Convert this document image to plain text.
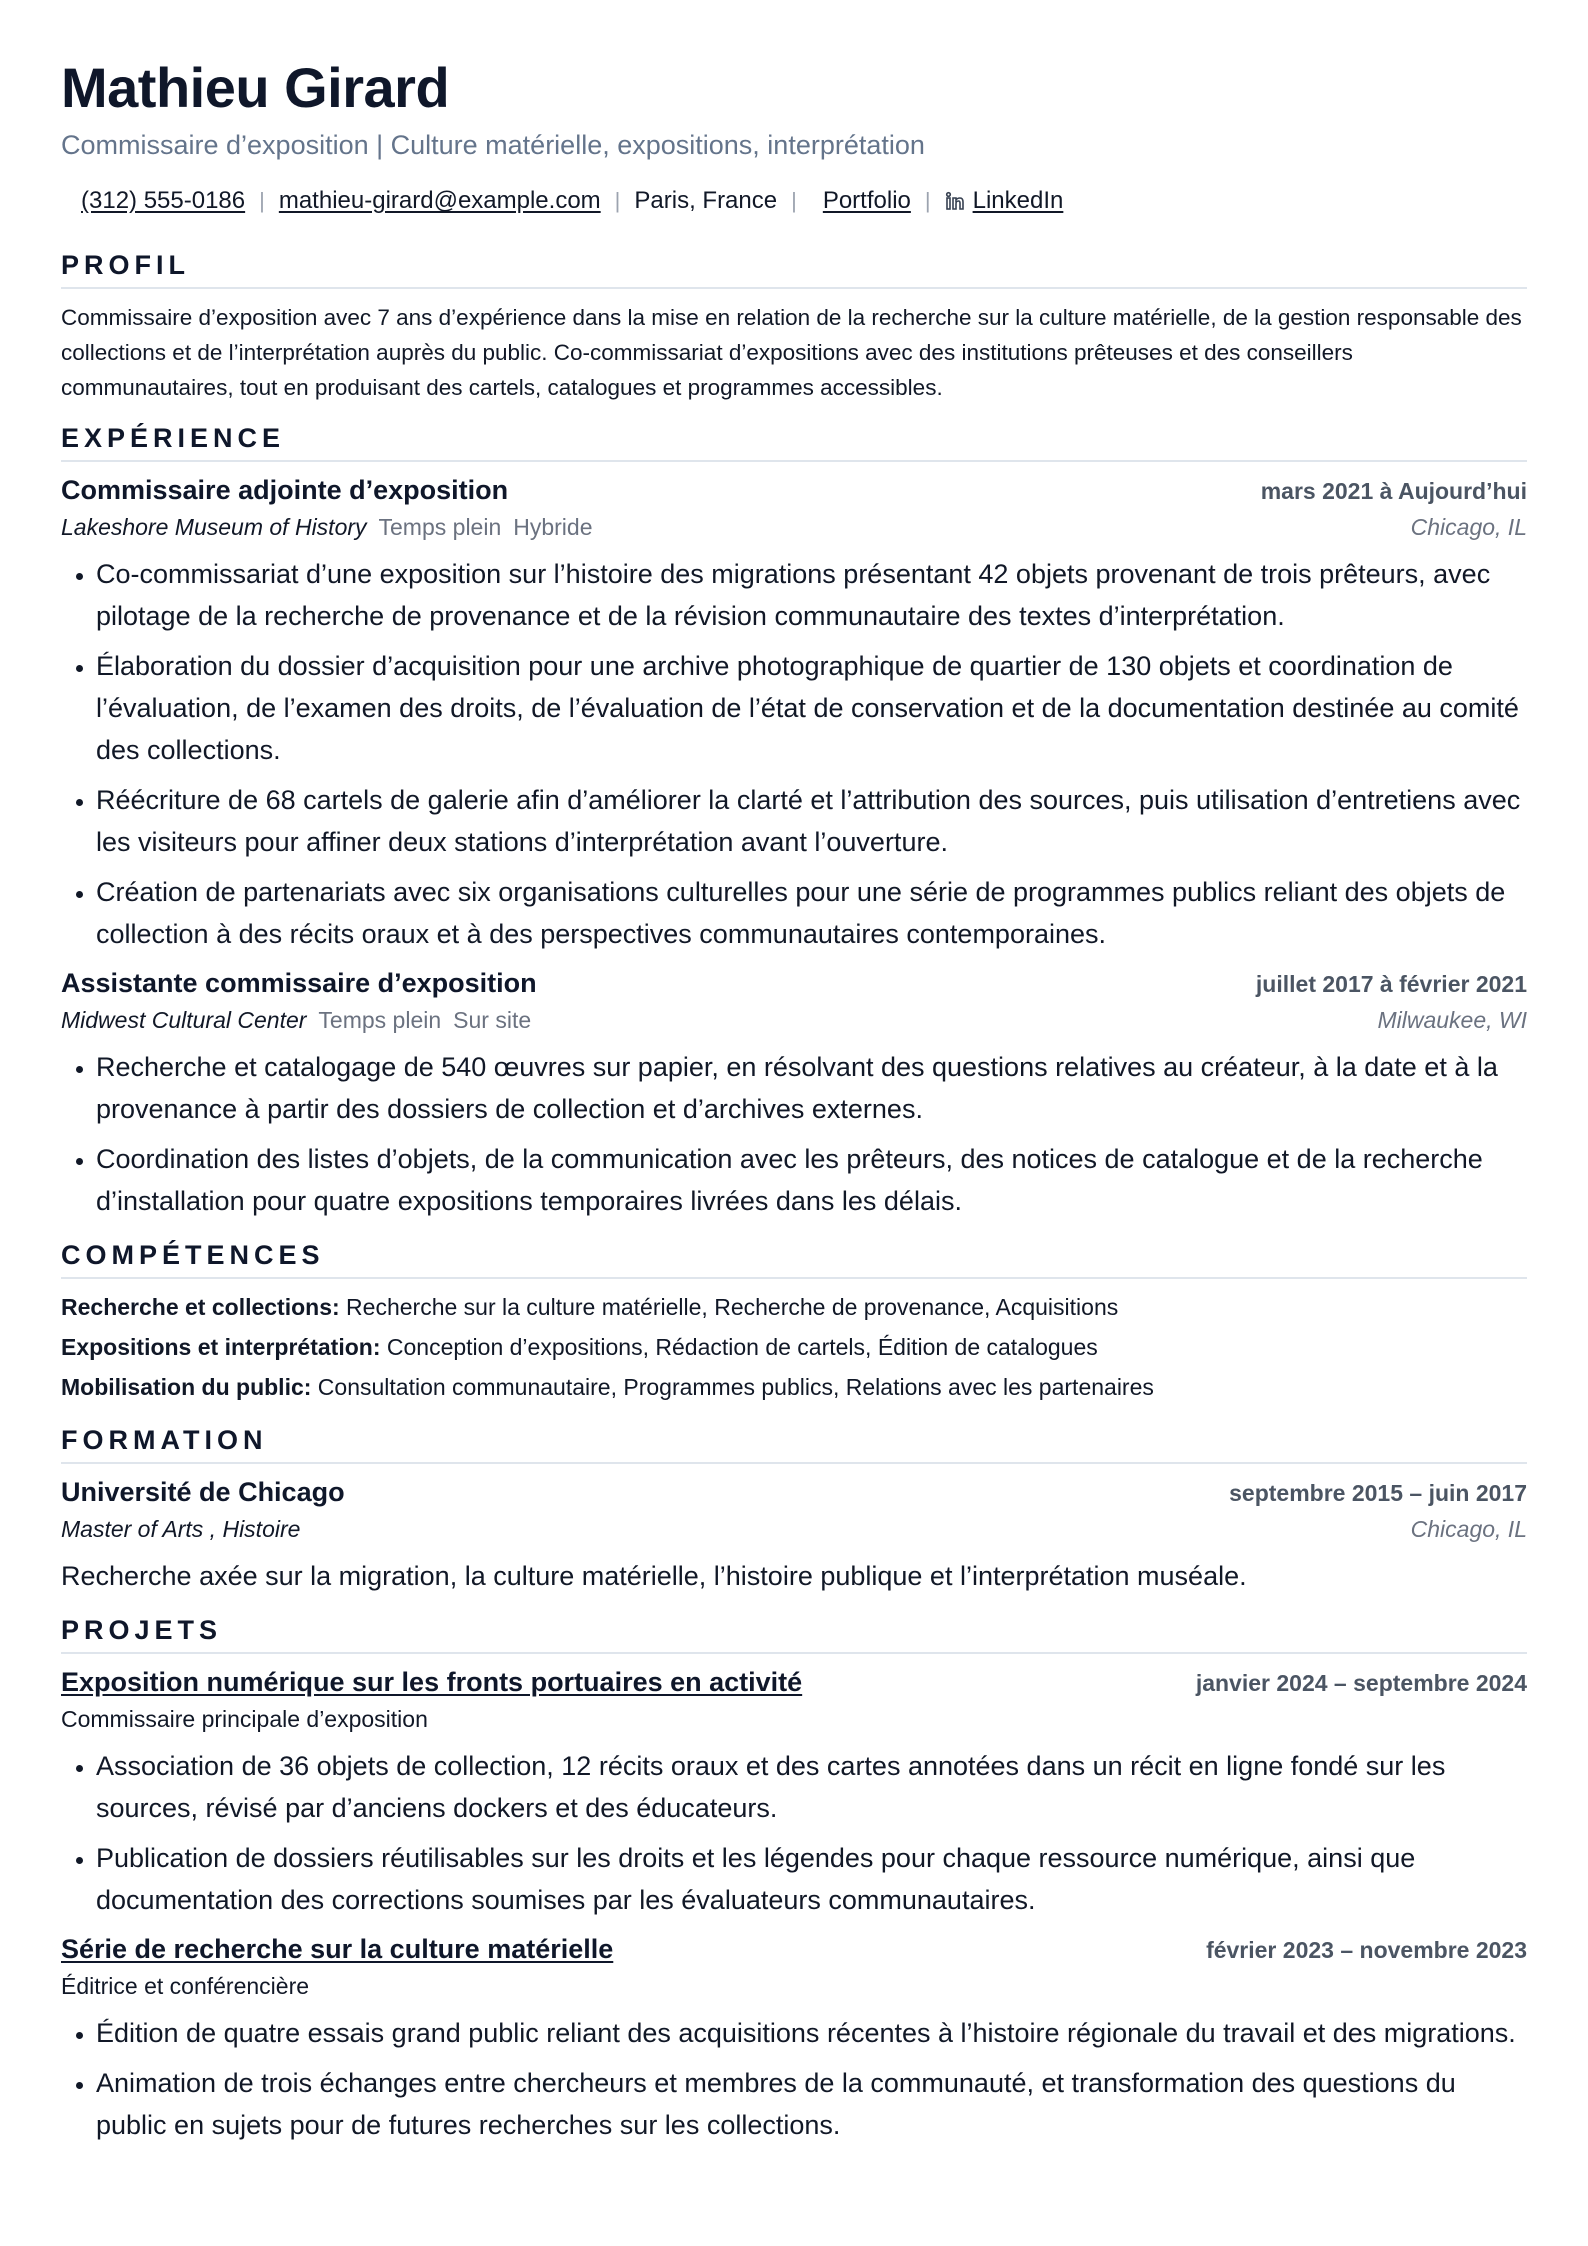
Mathieu Girard
Commissaire d’exposition | Culture matérielle, expositions, interprétation
(312) 555-0186 | mathieu-girard@example.com | Paris, France | Portfolio | LinkedIn
PROFIL
Commissaire d’exposition avec 7 ans d’expérience dans la mise en relation de la recherche sur la culture matérielle, de la gestion responsable des collections et de l’interprétation auprès du public. Co-commissariat d’expositions avec des institutions prêteuses et des conseillers communautaires, tout en produisant des cartels, catalogues et programmes accessibles.
EXPÉRIENCE
Commissaire adjointe d’exposition	mars 2021 à Aujourd’hui
Lakeshore Museum of History Temps plein Hybride	Chicago, IL
• Co-commissariat d’une exposition sur l’histoire des migrations présentant 42 objets provenant de trois prêteurs, avec pilotage de la recherche de provenance et de la révision communautaire des textes d’interprétation.
• Élaboration du dossier d’acquisition pour une archive photographique de quartier de 130 objets et coordination de l’évaluation, de l’examen des droits, de l’évaluation de l’état de conservation et de la documentation destinée au comité des collections.
• Réécriture de 68 cartels de galerie afin d’améliorer la clarté et l’attribution des sources, puis utilisation d’entretiens avec les visiteurs pour affiner deux stations d’interprétation avant l’ouverture.
• Création de partenariats avec six organisations culturelles pour une série de programmes publics reliant des objets de collection à des récits oraux et à des perspectives communautaires contemporaines.
Assistante commissaire d’exposition	juillet 2017 à février 2021
Midwest Cultural Center Temps plein Sur site	Milwaukee, WI
• Recherche et catalogage de 540 œuvres sur papier, en résolvant des questions relatives au créateur, à la date et à la provenance à partir des dossiers de collection et d’archives externes.
• Coordination des listes d’objets, de la communication avec les prêteurs, des notices de catalogue et de la recherche d’installation pour quatre expositions temporaires livrées dans les délais.
COMPÉTENCES
Recherche et collections: Recherche sur la culture matérielle, Recherche de provenance, Acquisitions
Expositions et interprétation: Conception d’expositions, Rédaction de cartels, Édition de catalogues
Mobilisation du public: Consultation communautaire, Programmes publics, Relations avec les partenaires
FORMATION
Université de Chicago	septembre 2015 – juin 2017
Master of Arts , Histoire	Chicago, IL
Recherche axée sur la migration, la culture matérielle, l’histoire publique et l’interprétation muséale.
PROJETS
Exposition numérique sur les fronts portuaires en activité	janvier 2024 – septembre 2024
Commissaire principale d’exposition
• Association de 36 objets de collection, 12 récits oraux et des cartes annotées dans un récit en ligne fondé sur les sources, révisé par d’anciens dockers et des éducateurs.
• Publication de dossiers réutilisables sur les droits et les légendes pour chaque ressource numérique, ainsi que documentation des corrections soumises par les évaluateurs communautaires.
Série de recherche sur la culture matérielle	février 2023 – novembre 2023
Éditrice et conférencière
• Édition de quatre essais grand public reliant des acquisitions récentes à l’histoire régionale du travail et des migrations.
• Animation de trois échanges entre chercheurs et membres de la communauté, et transformation des questions du public en sujets pour de futures recherches sur les collections.
